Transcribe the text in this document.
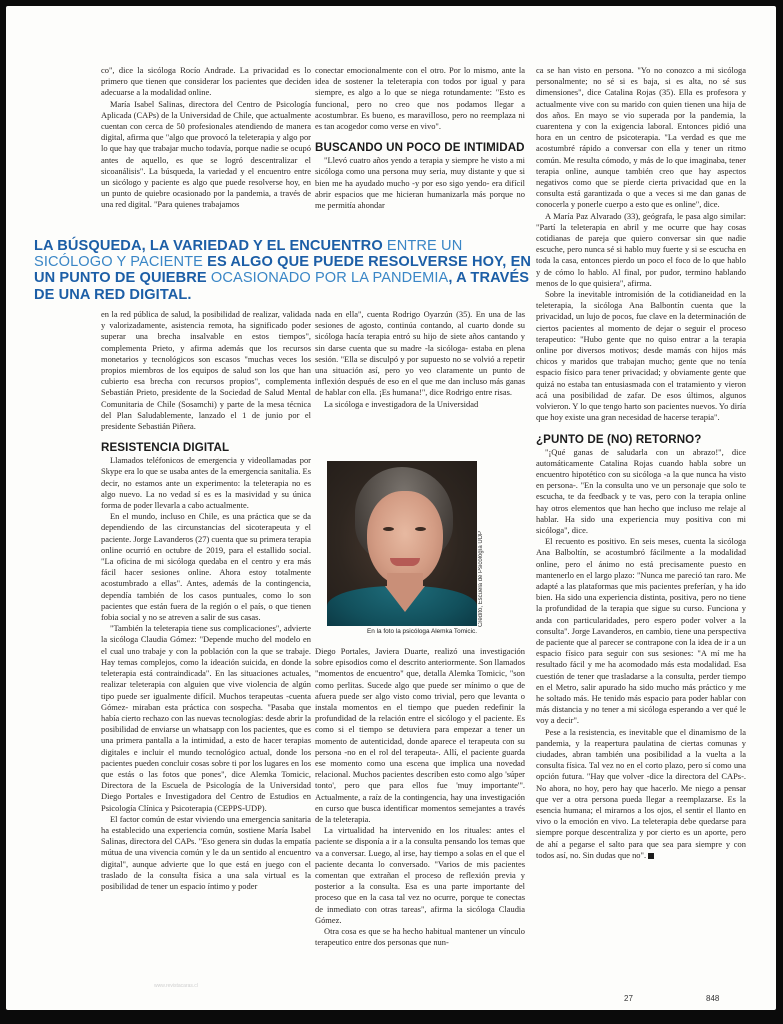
co", dice la sicóloga Rocío Andrade. La privacidad es lo primero que tienen que considerar los pacientes que deciden adecuarse a la modalidad online.

María Isabel Salinas, directora del Centro de Psicología Aplicada (CAPs) de la Universidad de Chile, que actualmente cuentan con cerca de 50 profesionales atendiendo de manera digital, afirma que "algo que provocó la teleterapia y algo por lo que hay que trabajar mucho todavía, porque nadie se ocupó antes de aquello, es que se logró descentralizar el sicoanálisis". La búsqueda, la variedad y el encuentro entre un sicólogo y paciente es algo que puede resolverse hoy, en un punto de quiebre ocasionado por la pandemia, a través de una red digital. "Para quienes trabajamos

conectar emocionalmente con el otro. Por lo mismo, ante la idea de sostener la teleterapia con todos por igual y para siempre, es algo a lo que se niega rotundamente: "Esto es funcional, pero no creo que nos podamos llegar a acostumbrar. Es bueno, es maravilloso, pero no reemplaza ni es tan acogedor como verse en vivo".

BUSCANDO UN POCO DE INTIMIDAD

"Llevó cuatro años yendo a terapia y siempre he visto a mi sicóloga como una persona muy seria, muy distante y que si bien me ha ayudado mucho -y por eso sigo yendo- era difícil abrir espacios que me hicieran humanizarla más porque no me permitía ahondar

ca se han visto en persona. "Yo no conozco a mi sicóloga personalmente; no sé si es baja, si es alta, no sé sus dimensiones", dice Catalina Rojas (35). Ella es profesora y actualmente vive con su marido con quien tienen una hija de dos años. En mayo se vio superada por la pandemia, la cuarentena y con la exigencia laboral. Entonces pidió una hora en un centro de psicoterapia. "La verdad es que me acostumbré rápido a conversar con ella y tener un ritmo común. Me resulta cómodo, y más de lo que imaginaba, tener terapia online, aunque también creo que hay aspectos negativos como que se pierde cierta privacidad que en la consulta está garantizada o que a veces si me dan ganas de conocerla y ponerle cuerpo a esto que es online", dice.

A María Paz Alvarado (33), geógrafa, le pasa algo similar: "Partí la teleterapia en abril y me ocurre que hay cosas cotidianas de pareja que quiero conversar sin que nadie escuche, pero nunca sé si hablo muy fuerte y si se escucha en toda la casa, entonces pierdo un poco el foco de lo que hablo y de cómo lo hablo. Al final, por pudor, termino hablando menos de lo que quisiera", afirma.

Sobre la inevitable intromisión de la cotidianeidad en la teleterapia, la sicóloga Ana Balbontín cuenta que la privacidad, un lujo de pocos, fue clave en la determinación de ciertos pacientes al momento de dejar o seguir el proceso terapeutico: "Hubo gente que no quiso entrar a la terapia online por diversos motivos; desde mamás con hijos más chicos y maridos que trabajan mucho; gente que no tenía espacio físico para tener privacidad; y obviamente gente que quizá no estaba tan entusiasmada con el tratamiento y vieron acá una posibilidad de zafar. De esos últimos, algunos volvieron. Y lo que tengo harto son pacientes nuevos. Yo diría que hoy existe una gran necesidad de hacerse terapia".

¿PUNTO DE (NO) RETORNO?

"¡Qué ganas de saludarla con un abrazo!", dice automáticamente Catalina Rojas cuando habla sobre un encuentro hipotético con su sicóloga -a la que nunca ha visto en persona-. "En la consulta uno ve un personaje que solo te escucha, te da feedback y te vas, pero con la terapia online hay otros elementos que han hecho que incluso me relaje al hablar. Ha sido una experiencia muy positiva con mi sicóloga", dice.

El recuento es positivo. En seis meses, cuenta la sicóloga Ana Balboltín, se acostumbró fácilmente a la modalidad online, pero el ánimo no está precisamente puesto en mantenerlo en el largo plazo: "Nunca me pareció tan raro. Me adapté a las plataformas que mis pacientes preferían, y ha ido bien. Ha sido una experiencia distinta, positiva, pero no tiene la profundidad de la terapia que sigue su curso. Funciona y anda con particularidades, pero espero poder volver a la consulta". Jorge Lavanderos, en cambio, tiene una perspectiva de paciente que al parecer se contrapone con la idea de ir a un espacio físico para seguir con sus sesiones: "A mí me ha resultado fácil y me ha acomodado más esta modalidad. Esa cuestión de tener que trasladarse a la consulta, perder tiempo en el Metro, salir apurado ha sido mucho más práctico y me he soltado más. He tenido más espacio para poder hablar con más distancia y no tener a mi sicóloga esperando a ver qué le voy a decir".

Pese a la resistencia, es inevitable que el dinamismo de la pandemia, y la reapertura paulatina de ciertas comunas y ciudades, abran también una posibilidad a la vuelta a la consulta física. Tal vez no en el corto plazo, pero sí como una opción futura. "Hay que volver -dice la directora del CAPs-. No ahora, no hoy, pero hay que hacerlo. Me niego a pensar que ver a otra persona pueda llegar a reemplazarse. Es la esencia humana; el mirarnos a los ojos, el sentir el llanto en vivo o la emoción en vivo. La teleterapia debe quedarse para siempre porque descentraliza y por cierto es un aporte, pero de ahí a pegarse el salto para que sea para siempre y con todos así, no. Sin dudas que no".

LA BÚSQUEDA, LA VARIEDAD Y EL ENCUENTRO ENTRE UN SICÓLOGO Y PACIENTE ES ALGO QUE PUEDE RESOLVERSE HOY, EN UN PUNTO DE QUIEBRE OCASIONADO POR LA PANDEMIA, A TRAVÉS DE UNA RED DIGITAL.

en la red pública de salud, la posibilidad de realizar, validada y valorizadamente, asistencia remota, ha significado poder superar una brecha insalvable en estos tiempos", complementa Prieto, y afirma además que los recursos monetarios y tecnológicos son escasos "muchas veces los propios miembros de los equipos de salud son los que han cubierto esa brecha con recursos propios", complementa Sebastián Prieto, presidente de la Sociedad de Salud Mental Comunitaria de Chile (Sosamchi) y parte de la mesa técnica del Plan Saludablemente, lanzado el 1 de junio por el presidente Sebastián Piñera.

RESISTENCIA DIGITAL

Llamados teléfonicos de emergencia y videollamadas por Skype era lo que se usaba antes de la emergencia sanitalia. Es decir, no estamos ante un experimento: la teleterapia no es algo nuevo. La no vedad sí es es la masividad y su única forma de poder llevarla a cabo actualmente.

En el mundo, incluso en Chile, es una práctica que se da dependiendo de las circunstancias del sicoterapeuta y el paciente. Jorge Lavanderos (27) cuenta que su primera terapia online ocurrió en octubre de 2019, para el estallido social. "La oficina de mi sicóloga quedaba en el centro y era más fácil hacer sesiones online. Ahora estoy totalmente acostumbrado a ellas". Antes, además de la contingencia, dependía también de los casos puntuales, como lo son pacientes que están fuera de la región o el país, o que tienen fobia social y no se atreven a salir de sus casas.

"También la teleterapia tiene sus complicaciones", advierte la sicóloga Claudia Gómez: "Depende mucho del modelo en el cual uno trabaje y con la población con la que se trabaje. Hay temas complejos, como la ideación suicida, en donde la teleterapia está contraindicada". En las situaciones actuales, realizar teleterapia con alguien que vive violencia de algún tipo puede ser igualmente difícil. Muchos terapeutas -cuenta Gómez- miraban esta práctica con sospecha. "Pasaba que había cierto rechazo con las nuevas tecnologías: desde abrir la posibilidad de enviarse un whatsapp con los pacientes, que es una primera pantalla a la intimidad, a esto de hacer terapias digitales e incluir el mundo tecnológico actual, donde los pacientes pueden concluir cosas sobre ti por los lugares en los que estás o las fotos que pones", dice Alemka Tomicic, Directora de la Escuela de Psicología de la Universidad Diego Portales e Investigadora del Centro de Estudios en Psicología Clínica y Psicoterapia (CEPPS-UDP).

El factor común de estar viviendo una emergencia sanitaria ha establecido una experiencia común, sostiene María Isabel Salinas, directora del CAPs. "Eso genera sin dudas la empatía mútua de una vivencia común y le da un sentido al encuentro digital", aunque advierte que lo que está en juego con el traslado de la consulta física a una sala virtual es la posibilidad de tener un espacio íntimo y poder

nada en ella", cuenta Rodrigo Oyarzún (35). En una de las sesiones de agosto, continúa contando, al cuarto donde su sicóloga hacía terapia entró su hijo de siete años cantando y sin darse cuenta que su madre -la sicóloga- estaba en plena sesión. "Ella se disculpó y por supuesto no se volvió a repetir una situación así, pero yo veo claramente un punto de inflexión después de eso en el que me dan incluso más ganas de hablar con ella. ¡Es humana!", dice Rodrigo entre risas.

La sicóloga e investigadora de la Universidad

Crédito, Escuela de Psicología UDP
En la foto la psicóloga Alemka Tomicic.

Diego Portales, Javiera Duarte, realizó una investigación sobre episodios como el descrito anteriormente. Son llamados "momentos de encuentro" que, detalla Alemka Tomicic, "son como perlitas. Sucede algo que puede ser mínimo o que de afuera puede ser algo visto como trivial, pero que levanta o instala momentos en el tiempo que pueden redefinir la profundidad de la relación entre el sicólogo y el paciente. Es como si el tiempo se detuviera para empezar a tener un momento de autenticidad, donde aparece el terapeuta con su persona -no en el rol del terapeuta-. Allí, el paciente guarda ese momento como una escena que implica una novedad relacional. Muchos pacientes describen esto como algo 'súper tonto', pero que para ellos fue 'muy importante'". Actualmente, a raíz de la contingencia, hay una investigación en curso que busca identificar momentos semejantes a través de la teleterapia.

La virtualidad ha intervenido en los rituales: antes el paciente se disponía a ir a la consulta pensando los temas que va a conversar. Luego, al irse, hay tiempo a solas en el que el paciente decanta lo conversado. "Varios de mis pacientes comentan que extrañan el proceso de reflexión previa y posterior a la consulta. Esa es una parte importante del proceso que en la casa tal vez no ocurre, porque te conectas de inmediato con otras tareas", afirma la sicóloga Claudia Gómez.

Otra cosa es que se ha hecho habitual mantener un vínculo terapeutico entre dos personas que nun-

www.revistacaras.cl
27	848
